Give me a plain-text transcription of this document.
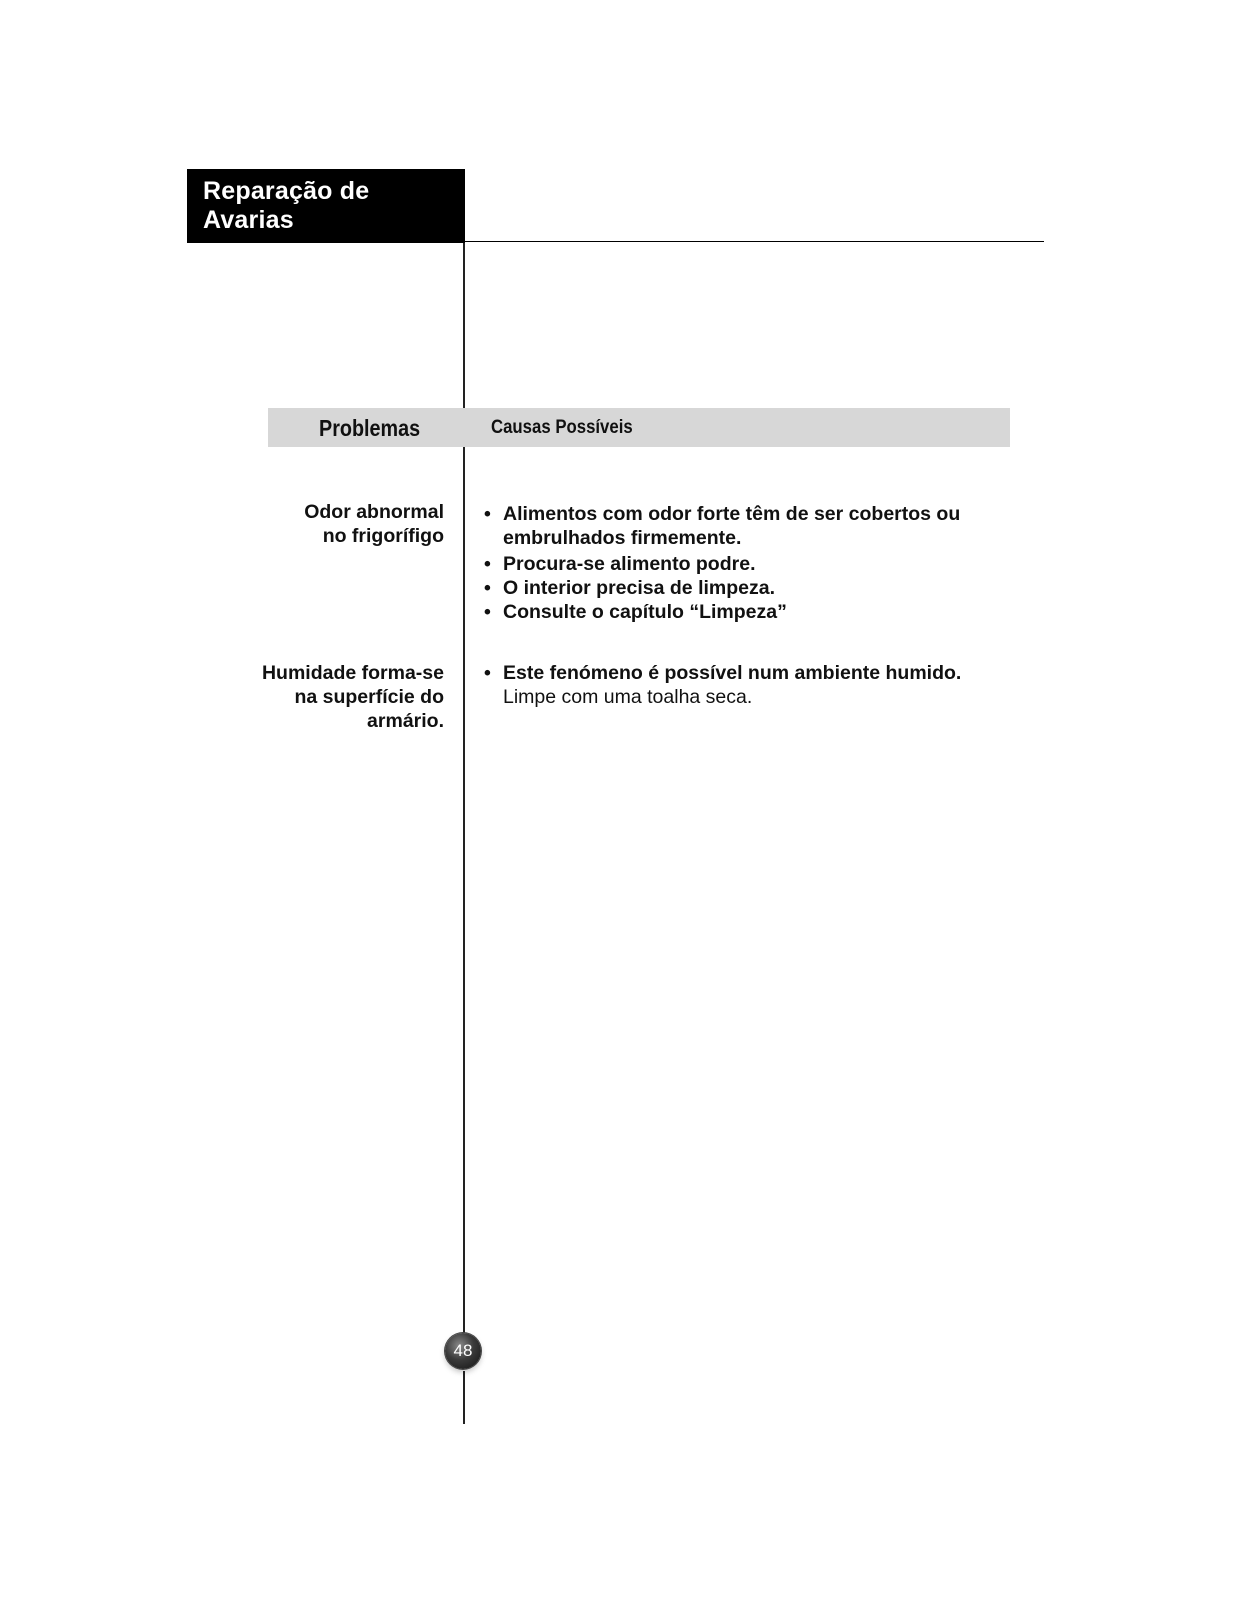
Reparação de Avarias
Problemas	Causas Possíveis
Odor abnormal
no frigorífigo
• Alimentos com odor forte têm de ser cobertos ou embrulhados firmemente.
• Procura-se alimento podre.
• O interior precisa de limpeza.
• Consulte o capítulo “Limpeza”
Humidade forma-se
na superfície do
armário.
• Este fenómeno é possível num ambiente humido.
Limpe com uma toalha seca.
48
